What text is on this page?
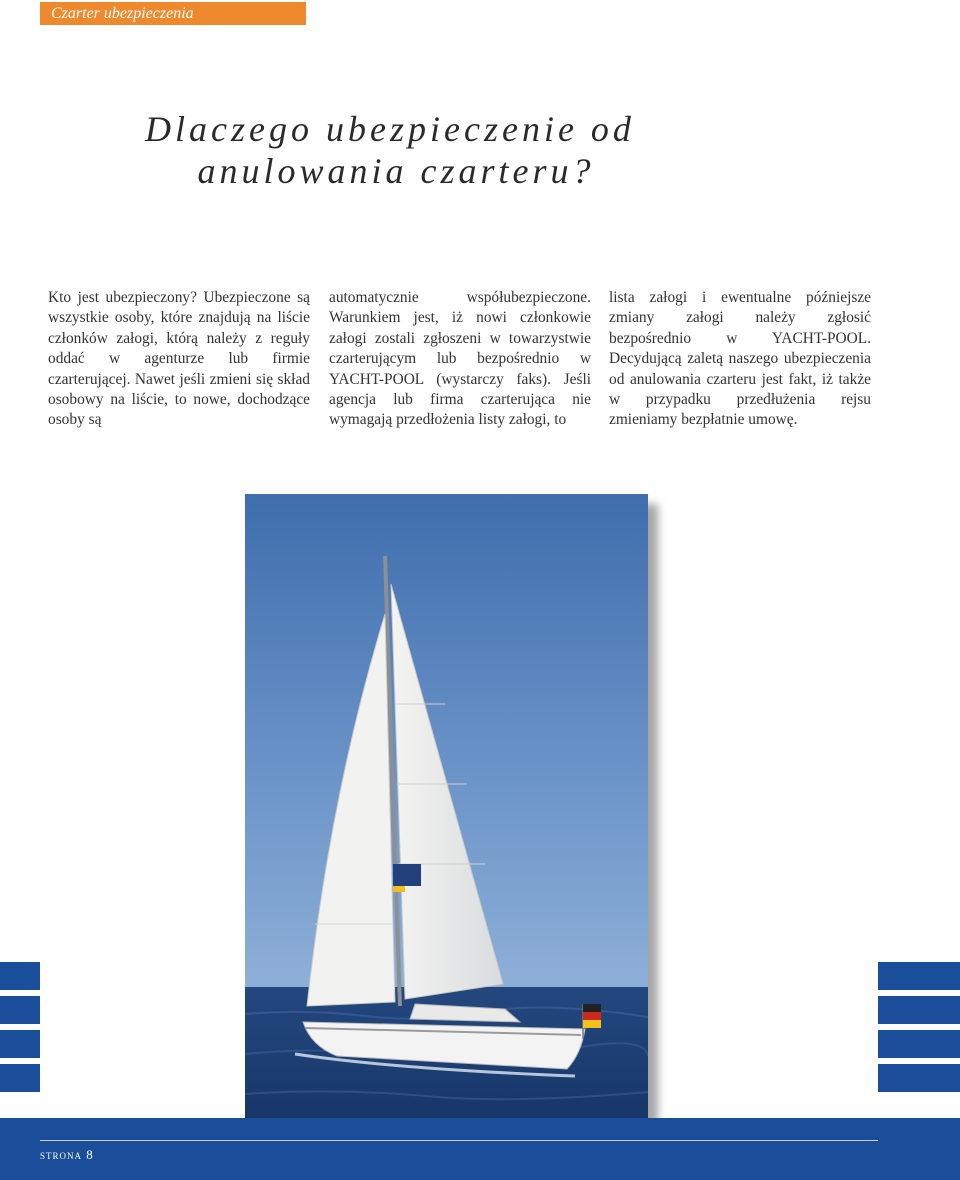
Czarter ubezpieczenia
Dlaczego ubezpieczenie od
anulowania czarteru?
Kto jest ubezpieczony? Ubezpieczone są wszystkie osoby, które znajdują na liście członków załogi, którą należy z reguły oddać w agenturze lub firmie czarterującej. Nawet jeśli zmieni się skład osobowy na liście, to nowe, dochodzące osoby są
automatycznie współubezpieczone. Warunkiem jest, iż nowi członkowie załogi zostali zgłoszeni w towarzystwie czarterującym lub bezpośrednio w YACHT-POOL (wystarczy faks). Jeśli agencja lub firma czarterująca nie wymagają przedłożenia listy załogi, to
lista załogi i ewentualne późniejsze zmiany załogi należy zgłosić bezpośrednio w YACHT-POOL. Decydującą zaletą naszego ubezpieczenia od anulowania czarteru jest fakt, iż także w przypadku przedłużenia rejsu zmieniamy bezpłatnie umowę.
strona 8
